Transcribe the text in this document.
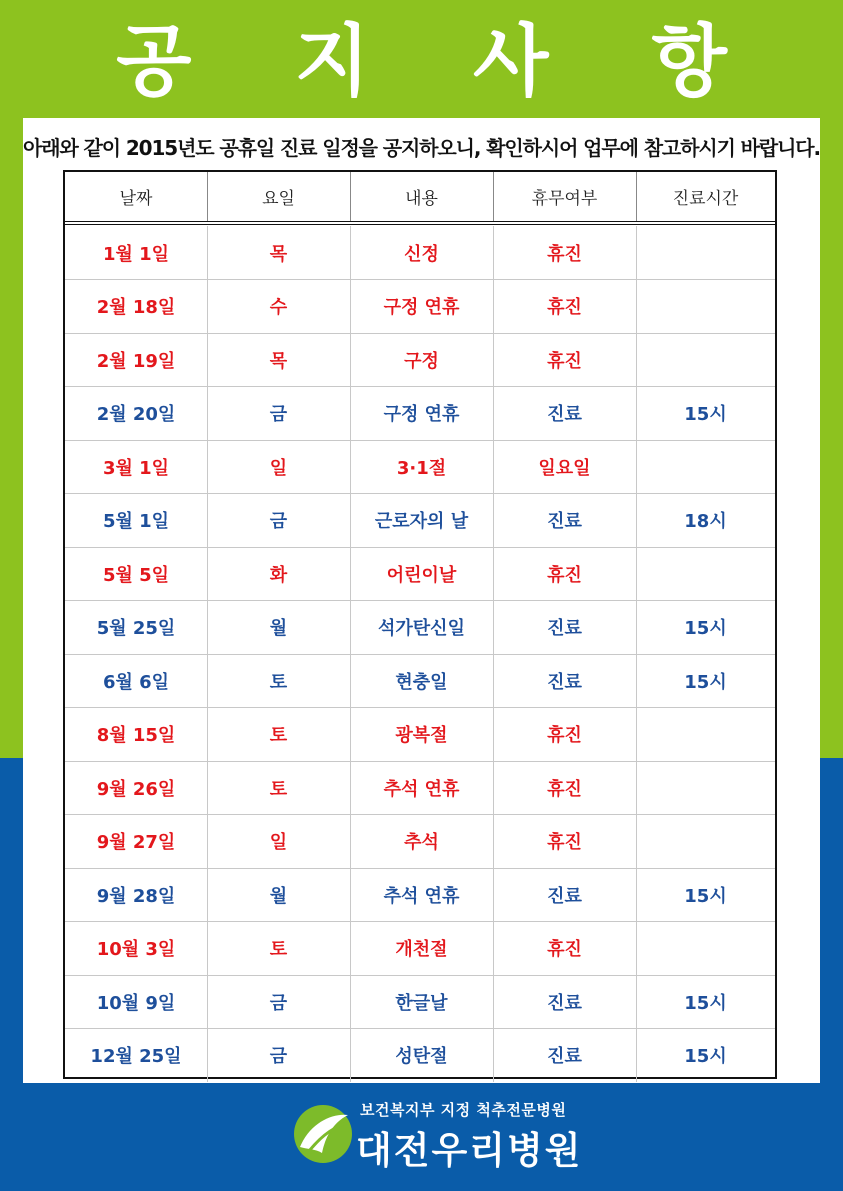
공 지 사 항
아래와 같이 2015년도 공휴일 진료 일정을 공지하오니, 확인하시어 업무에 참고하시기 바랍니다.
날짜	요일	내용	휴무여부	진료시간
1월 1일	목	신정	휴진
2월 18일	수	구정 연휴	휴진
2월 19일	목	구정	휴진
2월 20일	금	구정 연휴	진료	15시
3월 1일	일	3·1절	일요일
5월 1일	금	근로자의 날	진료	18시
5월 5일	화	어린이날	휴진
5월 25일	월	석가탄신일	진료	15시
6월 6일	토	현충일	진료	15시
8월 15일	토	광복절	휴진
9월 26일	토	추석 연휴	휴진
9월 27일	일	추석	휴진
9월 28일	월	추석 연휴	진료	15시
10월 3일	토	개천절	휴진
10월 9일	금	한글날	진료	15시
12월 25일	금	성탄절	진료	15시
보건복지부 지정 척추전문병원
대전우리병원
